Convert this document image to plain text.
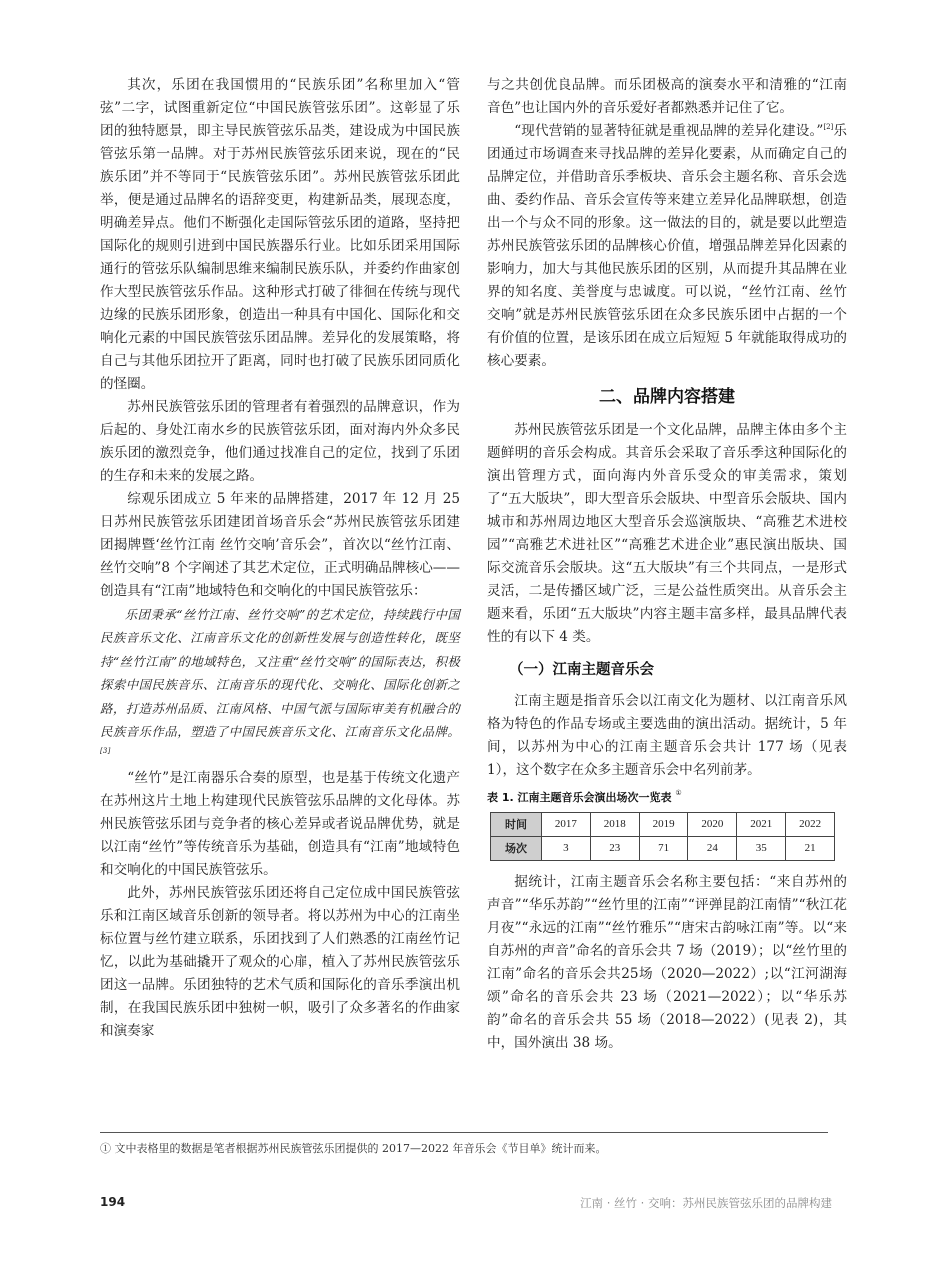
其次，乐团在我国惯用的“民族乐团”名称里加入“管弦”二字，试图重新定位“中国民族管弦乐团”。这彰显了乐团的独特愿景，即主导民族管弦乐品类，建设成为中国民族管弦乐第一品牌。对于苏州民族管弦乐团来说，现在的“民族乐团”并不等同于“民族管弦乐团”。苏州民族管弦乐团此举，便是通过品牌名的语辞变更，构建新品类，展现态度，明确差异点。他们不断强化走国际管弦乐团的道路，坚持把国际化的规则引进到中国民族器乐行业。比如乐团采用国际通行的管弦乐队编制思维来编制民族乐队，并委约作曲家创作大型民族管弦乐作品。这种形式打破了徘徊在传统与现代边缘的民族乐团形象，创造出一种具有中国化、国际化和交响化元素的中国民族管弦乐团品牌。差异化的发展策略，将自己与其他乐团拉开了距离，同时也打破了民族乐团同质化的怪圈。

苏州民族管弦乐团的管理者有着强烈的品牌意识，作为后起的、身处江南水乡的民族管弦乐团，面对海内外众多民族乐团的激烈竞争，他们通过找准自己的定位，找到了乐团的生存和未来的发展之路。

综观乐团成立 5 年来的品牌搭建，2017 年 12 月 25 日苏州民族管弦乐团建团首场音乐会“苏州民族管弦乐团建团揭牌暨‘丝竹江南 丝竹交响’音乐会”，首次以“丝竹江南、丝竹交响”8 个字阐述了其艺术定位，正式明确品牌核心——创造具有“江南”地域特色和交响化的中国民族管弦乐：

乐团秉承“丝竹江南、丝竹交响”的艺术定位，持续践行中国民族音乐文化、江南音乐文化的创新性发展与创造性转化，既坚持“丝竹江南”的地域特色，又注重“丝竹交响”的国际表达，积极探索中国民族音乐、江南音乐的现代化、交响化、国际化创新之路，打造苏州品质、江南风格、中国气派与国际审美有机融合的民族音乐作品，塑造了中国民族音乐文化、江南音乐文化品牌。[3]

“丝竹”是江南器乐合奏的原型，也是基于传统文化遗产在苏州这片土地上构建现代民族管弦乐品牌的文化母体。苏州民族管弦乐团与竞争者的核心差异或者说品牌优势，就是以江南“丝竹”等传统音乐为基础，创造具有“江南”地域特色和交响化的中国民族管弦乐。

此外，苏州民族管弦乐团还将自己定位成中国民族管弦乐和江南区域音乐创新的领导者。将以苏州为中心的江南坐标位置与丝竹建立联系，乐团找到了人们熟悉的江南丝竹记忆，以此为基础撬开了观众的心扉，植入了苏州民族管弦乐团这一品牌。乐团独特的艺术气质和国际化的音乐季演出机制，在我国民族乐团中独树一帜，吸引了众多著名的作曲家和演奏家

与之共创优良品牌。而乐团极高的演奏水平和清雅的“江南音色”也让国内外的音乐爱好者都熟悉并记住了它。

“现代营销的显著特征就是重视品牌的差异化建设。”[2]乐团通过市场调查来寻找品牌的差异化要素，从而确定自己的品牌定位，并借助音乐季板块、音乐会主题名称、音乐会选曲、委约作品、音乐会宣传等来建立差异化品牌联想，创造出一个与众不同的形象。这一做法的目的，就是要以此塑造苏州民族管弦乐团的品牌核心价值，增强品牌差异化因素的影响力，加大与其他民族乐团的区别，从而提升其品牌在业界的知名度、美誉度与忠诚度。可以说，“丝竹江南、丝竹交响”就是苏州民族管弦乐团在众多民族乐团中占据的一个有价值的位置，是该乐团在成立后短短 5 年就能取得成功的核心要素。

二、品牌内容搭建

苏州民族管弦乐团是一个文化品牌，品牌主体由多个主题鲜明的音乐会构成。其音乐会采取了音乐季这种国际化的演出管理方式，面向海内外音乐受众的审美需求，策划了“五大版块”，即大型音乐会版块、中型音乐会版块、国内城市和苏州周边地区大型音乐会巡演版块、“高雅艺术进校园”“高雅艺术进社区”“高雅艺术进企业”惠民演出版块、国际交流音乐会版块。这“五大版块”有三个共同点，一是形式灵活，二是传播区域广泛，三是公益性质突出。从音乐会主题来看，乐团“五大版块”内容主题丰富多样，最具品牌代表性的有以下 4 类。

（一）江南主题音乐会

江南主题是指音乐会以江南文化为题材、以江南音乐风格为特色的作品专场或主要选曲的演出活动。据统计，5 年间，以苏州为中心的江南主题音乐会共计 177 场（见表 1），这个数字在众多主题音乐会中名列前茅。

表 1. 江南主题音乐会演出场次一览表 ①
时间	2017	2018	2019	2020	2021	2022
场次	3	23	71	24	35	21

据统计，江南主题音乐会名称主要包括：“来自苏州的声音”“华乐苏韵”“丝竹里的江南”“评弹昆韵江南情”“秋江花月夜”“永远的江南”“丝竹雅乐”“唐宋古韵咏江南”等。以“来自苏州的声音”命名的音乐会共 7 场（2019）；以“丝竹里的江南”命名的音乐会共25场（2020—2022）;以“江河湖海颂”命名的音乐会共 23 场（2021—2022）；以“华乐苏韵”命名的音乐会共 55 场（2018—2022）(见表 2)，其中，国外演出 38 场。

① 文中表格里的数据是笔者根据苏州民族管弦乐团提供的 2017—2022 年音乐会《节目单》统计而来。
194	江南 · 丝竹 · 交响：苏州民族管弦乐团的品牌构建
